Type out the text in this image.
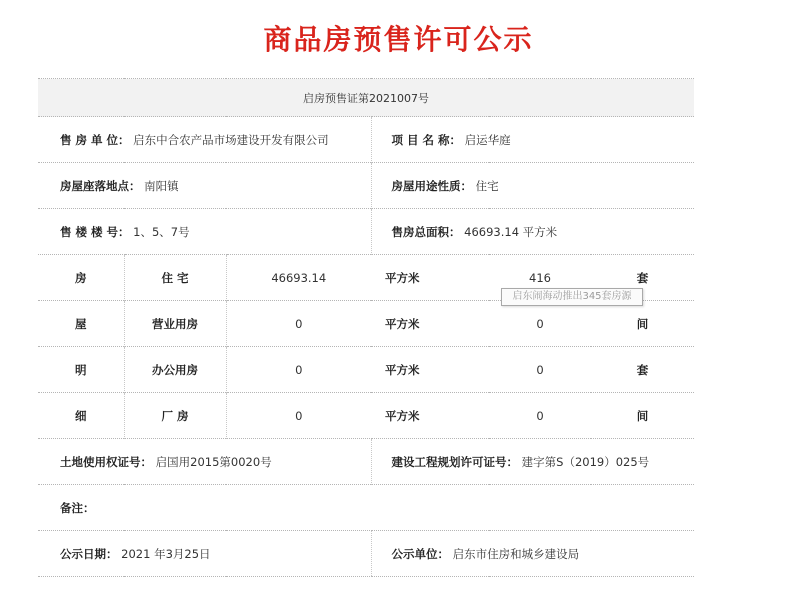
商品房预售许可公示
启房预售证第2021007号					
售 房 单 位： 启东中合农产品市场建设开发有限公司			项 目 名 称： 启运华庭		
房屋座落地点： 南阳镇			房屋用途性质： 住宅		
售 楼 楼 号： 1、5、7号			售房总面积： 46693.14 平方米		
房	住 宅	46693.14	平方米	416	套
屋	营业用房	0	平方米	0	间
明	办公用房	0	平方米	0	套
细	厂 房	0	平方米	0	间
土地使用权证号： 启国用2015第0020号			建设工程规划许可证号： 建字第S（2019）025号		
备注：					
公示日期： 2021 年3月25日			公示单位： 启东市住房和城乡建设局		
启东闹海动推出345套房源
